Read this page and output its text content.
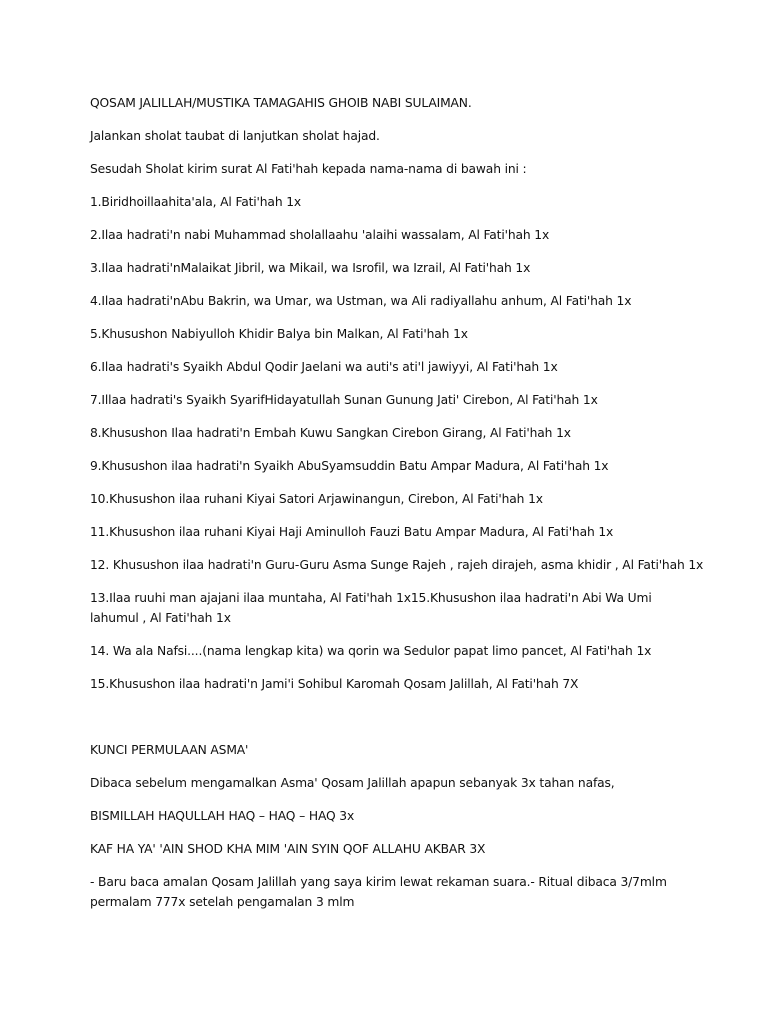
QOSAM JALILLAH/MUSTIKA TAMAGAHIS GHOIB NABI SULAIMAN.
Jalankan sholat taubat di lanjutkan sholat hajad.
Sesudah Sholat kirim surat Al Fati'hah kepada nama-nama di bawah ini :
1.Biridhoillaahita'ala, Al Fati'hah 1x
2.Ilaa hadrati'n nabi Muhammad sholallaahu 'alaihi wassalam, Al Fati'hah 1x
3.Ilaa hadrati'nMalaikat Jibril, wa Mikail, wa Isrofil, wa Izrail, Al Fati'hah 1x
4.Ilaa hadrati'nAbu Bakrin, wa Umar, wa Ustman, wa Ali radiyallahu anhum, Al Fati'hah 1x
5.Khusushon Nabiyulloh Khidir Balya bin Malkan, Al Fati'hah 1x
6.Ilaa hadrati's Syaikh Abdul Qodir Jaelani wa auti's ati'l jawiyyi, Al Fati'hah 1x
7.Illaa hadrati's Syaikh SyarifHidayatullah Sunan Gunung Jati' Cirebon, Al Fati'hah 1x
8.Khusushon Ilaa hadrati'n Embah Kuwu Sangkan Cirebon Girang, Al Fati'hah 1x
9.Khusushon ilaa hadrati'n Syaikh AbuSyamsuddin Batu Ampar Madura, Al Fati'hah 1x
10.Khusushon ilaa ruhani Kiyai Satori Arjawinangun, Cirebon, Al Fati'hah 1x
11.Khusushon ilaa ruhani Kiyai Haji Aminulloh Fauzi Batu Ampar Madura, Al Fati'hah 1x
12. Khusushon ilaa hadrati'n Guru-Guru Asma Sunge Rajeh , rajeh dirajeh, asma khidir , Al Fati'hah 1x
13.Ilaa ruuhi man ajajani ilaa muntaha, Al Fati'hah 1x15.Khusushon ilaa hadrati'n Abi Wa Umi lahumul , Al Fati'hah 1x
14. Wa ala Nafsi....(nama lengkap kita) wa qorin wa Sedulor papat limo pancet, Al Fati'hah 1x
15.Khusushon ilaa hadrati'n Jami'i Sohibul Karomah Qosam Jalillah, Al Fati'hah 7X
KUNCI PERMULAAN ASMA'
Dibaca sebelum mengamalkan Asma' Qosam Jalillah apapun sebanyak 3x tahan nafas,
BISMILLAH HAQULLAH HAQ – HAQ – HAQ 3x
KAF HA YA' 'AIN SHOD KHA MIM 'AIN SYIN QOF ALLAHU AKBAR 3X
- Baru baca amalan Qosam Jalillah yang saya kirim lewat rekaman suara.- Ritual dibaca 3/7mlm permalam 777x setelah pengamalan 3 mlm
